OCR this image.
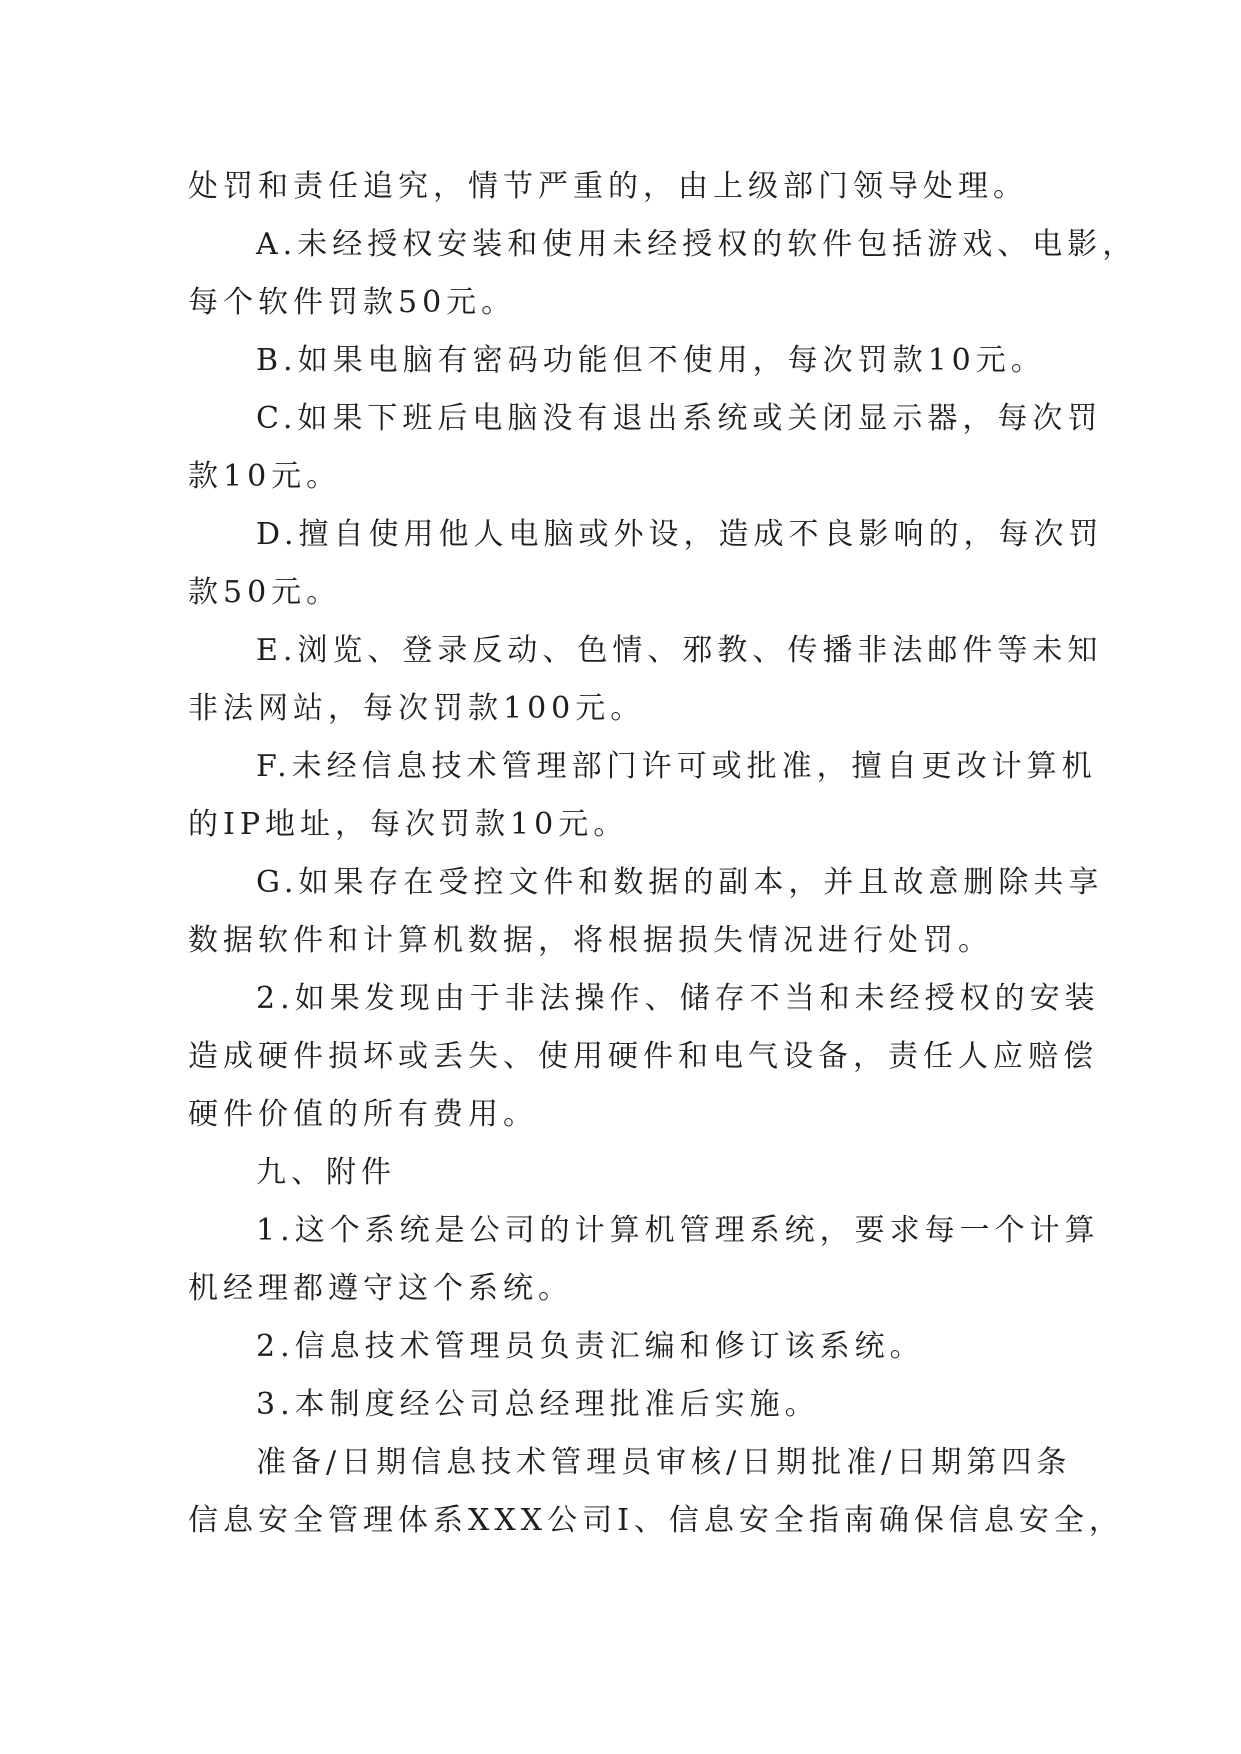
处罚和责任追究，情节严重的，由上级部门领导处理。
A.未经授权安装和使用未经授权的软件包括游戏、电影，
每个软件罚款50元。
B.如果电脑有密码功能但不使用，每次罚款10元。
C.如果下班后电脑没有退出系统或关闭显示器，每次罚
款10元。
D.擅自使用他人电脑或外设，造成不良影响的，每次罚
款50元。
E.浏览、登录反动、色情、邪教、传播非法邮件等未知
非法网站，每次罚款100元。
F.未经信息技术管理部门许可或批准，擅自更改计算机
的IP地址，每次罚款10元。
G.如果存在受控文件和数据的副本，并且故意删除共享
数据软件和计算机数据，将根据损失情况进行处罚。
2.如果发现由于非法操作、储存不当和未经授权的安装
造成硬件损坏或丢失、使用硬件和电气设备，责任人应赔偿
硬件价值的所有费用。
九、附件
1.这个系统是公司的计算机管理系统，要求每一个计算
机经理都遵守这个系统。
2.信息技术管理员负责汇编和修订该系统。
3.本制度经公司总经理批准后实施。
准备/日期信息技术管理员审核/日期批准/日期第四条
信息安全管理体系XXX公司Ⅰ、信息安全指南确保信息安全，
